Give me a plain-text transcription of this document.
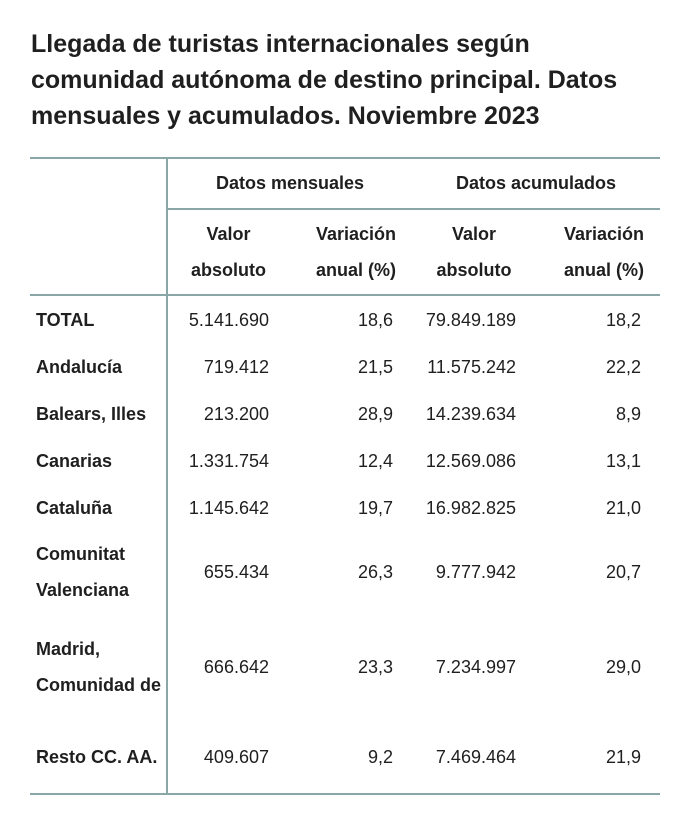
Llegada de turistas internacionales según comunidad autónoma de destino principal. Datos mensuales y acumulados. Noviembre 2023
	Datos mensuales		Datos acumulados	
	Valor absoluto	Variación anual (%)	Valor absoluto	Variación anual (%)
TOTAL	5.141.690	18,6	79.849.189	18,2
Andalucía	719.412	21,5	11.575.242	22,2
Balears, Illes	213.200	28,9	14.239.634	8,9
Canarias	1.331.754	12,4	12.569.086	13,1
Cataluña	1.145.642	19,7	16.982.825	21,0
Comunitat Valenciana	655.434	26,3	9.777.942	20,7
Madrid, Comunidad de	666.642	23,3	7.234.997	29,0
Resto CC. AA.	409.607	9,2	7.469.464	21,9
